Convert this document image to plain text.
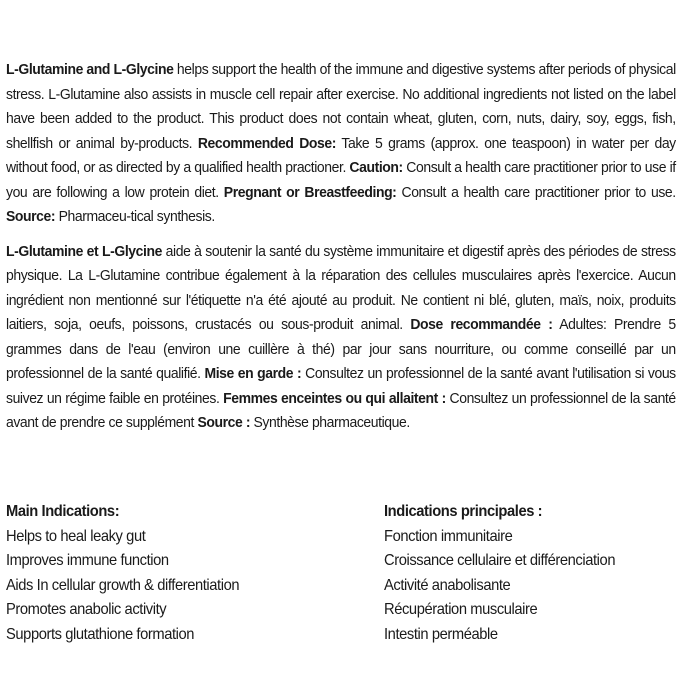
L-Glutamine and L-Glycine helps support the health of the immune and digestive systems after periods of physical stress. L-Glutamine also assists in muscle cell repair after exercise. No additional ingredients not listed on the label have been added to the product. This product does not contain wheat, gluten, corn, nuts, dairy, soy, eggs, fish, shellfish or animal by-products. Recommended Dose: Take 5 grams (approx. one teaspoon) in water per day without food, or as directed by a qualified health practioner. Caution: Consult a health care practitioner prior to use if you are following a low protein diet. Pregnant or Breastfeeding: Consult a health care practitioner prior to use. Source: Pharmaceu-tical synthesis.

L-Glutamine et L-Glycine aide à soutenir la santé du système immunitaire et digestif après des périodes de stress physique. La L-Glutamine contribue également à la réparation des cellules musculaires après l'exercice. Aucun ingrédient non mentionné sur l'étiquette n'a été ajouté au produit. Ne contient ni blé, gluten, maïs, noix, produits laitiers, soja, oeufs, poissons, crustacés ou sous-produit animal. Dose recommandée : Adultes: Prendre 5 grammes dans de l'eau (environ une cuillère à thé) par jour sans nourriture, ou comme conseillé par un professionnel de la santé qualifié. Mise en garde : Consultez un professionnel de la santé avant l'utilisation si vous suivez un régime faible en protéines. Femmes enceintes ou qui allaitent : Consultez un professionnel de la santé avant de prendre ce supplément Source : Synthèse pharmaceutique.

Main Indications:
Helps to heal leaky gut
Improves immune function
Aids In cellular growth & differentiation
Promotes anabolic activity
Supports glutathione formation
Indications principales :
Fonction immunitaire
Croissance cellulaire et différenciation
Activité anabolisante
Récupération musculaire
Intestin perméable
